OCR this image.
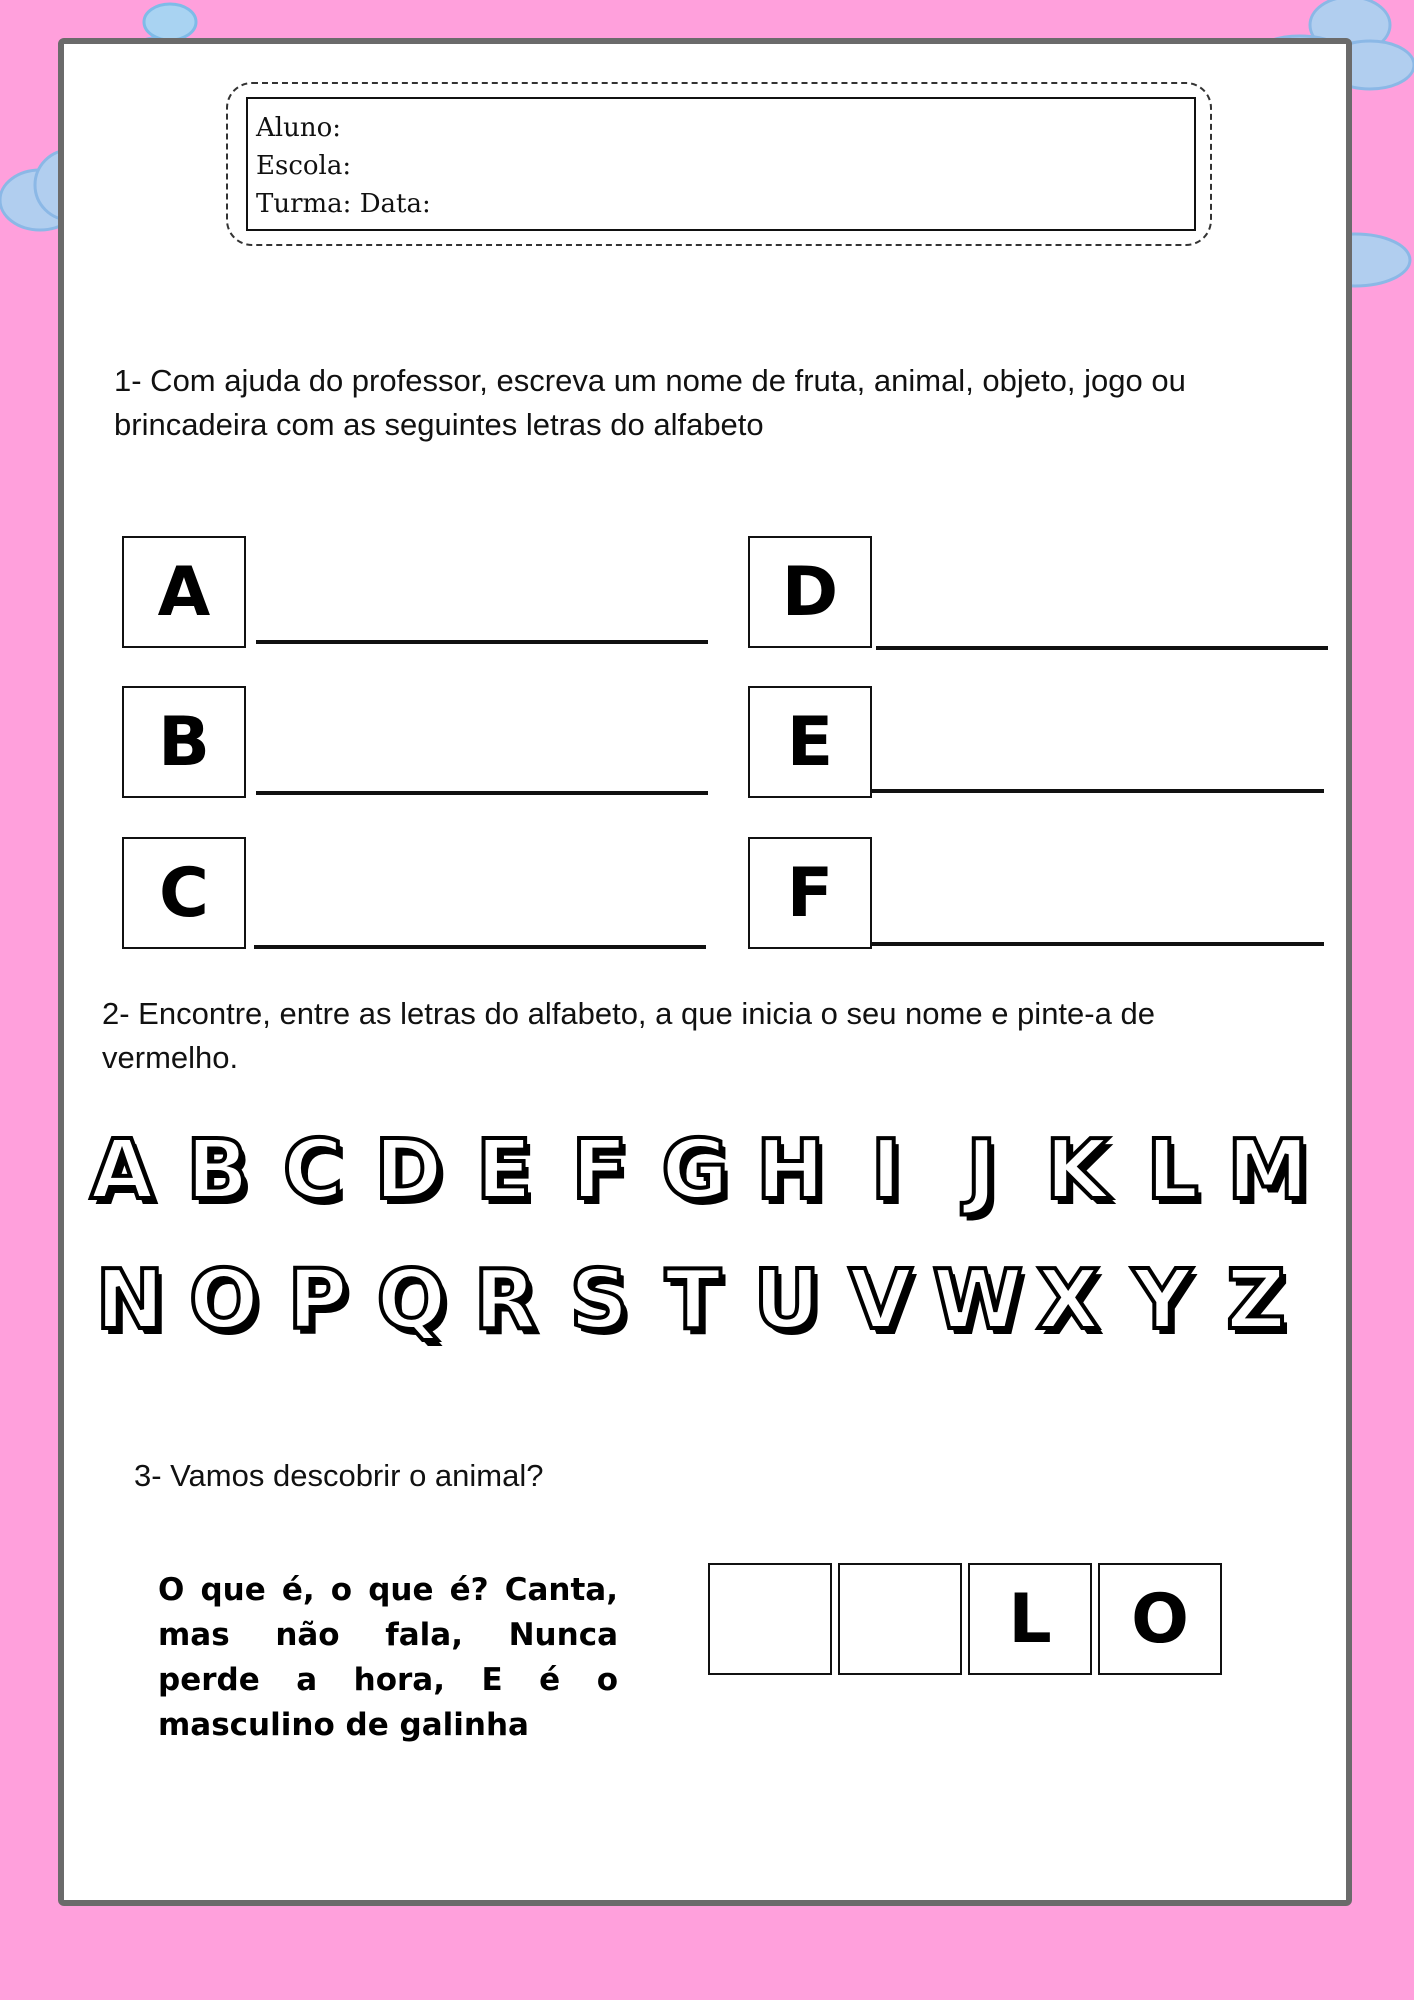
Aluno:
Escola:
Turma: Data:
1- Com ajuda do professor, escreva um nome de fruta, animal, objeto, jogo ou brincadeira com as seguintes letras do alfabeto
A
B
C
D
E
F
2- Encontre, entre as letras do alfabeto, a que inicia o seu nome e pinte-a de vermelho.
A B C D E F G H I J K L M
N O P Q R S T U V W X Y Z
3- Vamos descobrir o animal?
O que é, o que é? Canta, mas não fala, Nunca perde a hora, E é o masculino de galinha
L	O
